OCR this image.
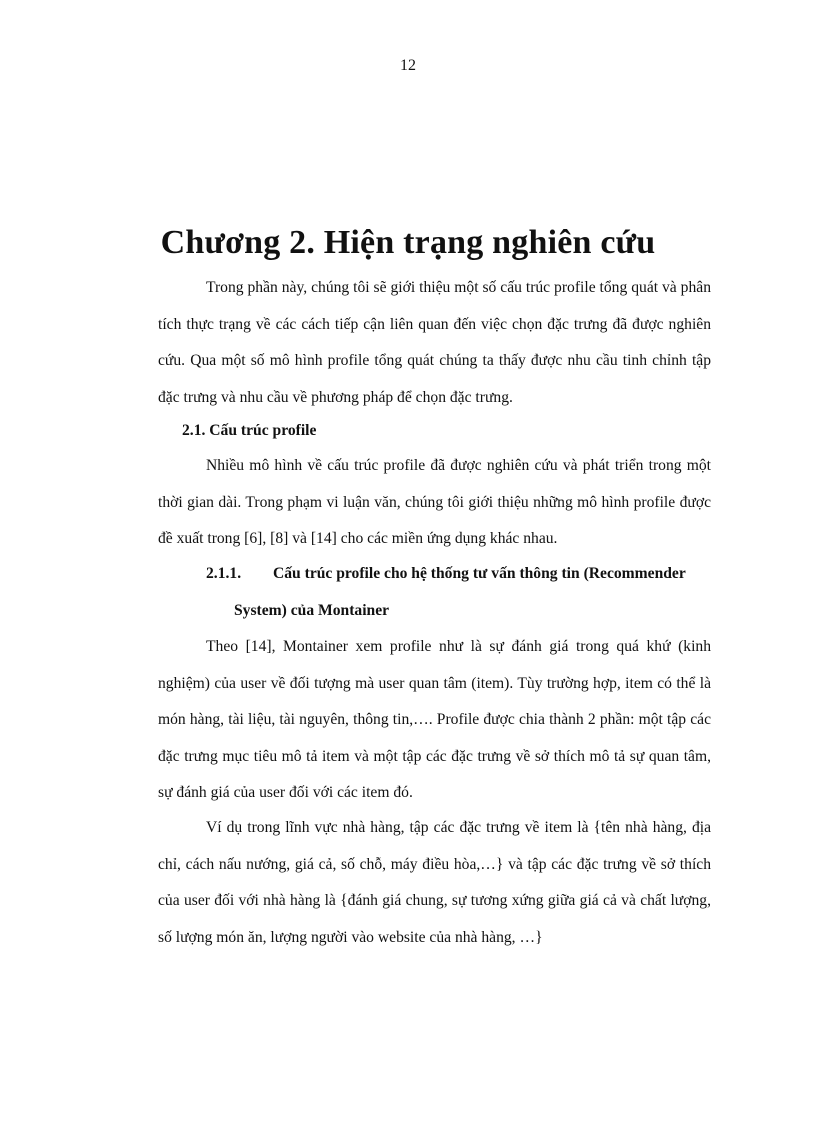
12
Chương 2. Hiện trạng nghiên cứu

Trong phần này, chúng tôi sẽ giới thiệu một số cấu trúc profile tổng quát và phân tích thực trạng về các cách tiếp cận liên quan đến việc chọn đặc trưng đã được nghiên cứu. Qua một số mô hình profile tổng quát chúng ta thấy được nhu cầu tinh chỉnh tập đặc trưng và nhu cầu về phương pháp để chọn đặc trưng.

2.1. Cấu trúc profile

Nhiều mô hình về cấu trúc profile đã được nghiên cứu và phát triển trong một thời gian dài. Trong phạm vi luận văn, chúng tôi giới thiệu những mô hình profile được đề xuất trong [6], [8] và [14] cho các miền ứng dụng khác nhau.

2.1.1. Cấu trúc profile cho hệ thống tư vấn thông tin (Recommender
System) của Montainer

Theo [14], Montainer xem profile như là sự đánh giá trong quá khứ (kinh nghiệm) của user về đối tượng mà user quan tâm (item). Tùy trường hợp, item có thể là món hàng, tài liệu, tài nguyên, thông tin,…. Profile được chia thành 2 phần: một tập các đặc trưng mục tiêu mô tả item và một tập các đặc trưng về sở thích mô tả sự quan tâm, sự đánh giá của user đối với các item đó.

Ví dụ trong lĩnh vực nhà hàng, tập các đặc trưng về item là {tên nhà hàng, địa chỉ, cách nấu nướng, giá cả, số chỗ, máy điều hòa,…} và tập các đặc trưng về sở thích của user đối với nhà hàng là {đánh giá chung, sự tương xứng giữa giá cả và chất lượng, số lượng món ăn, lượng người vào website của nhà hàng, …}
